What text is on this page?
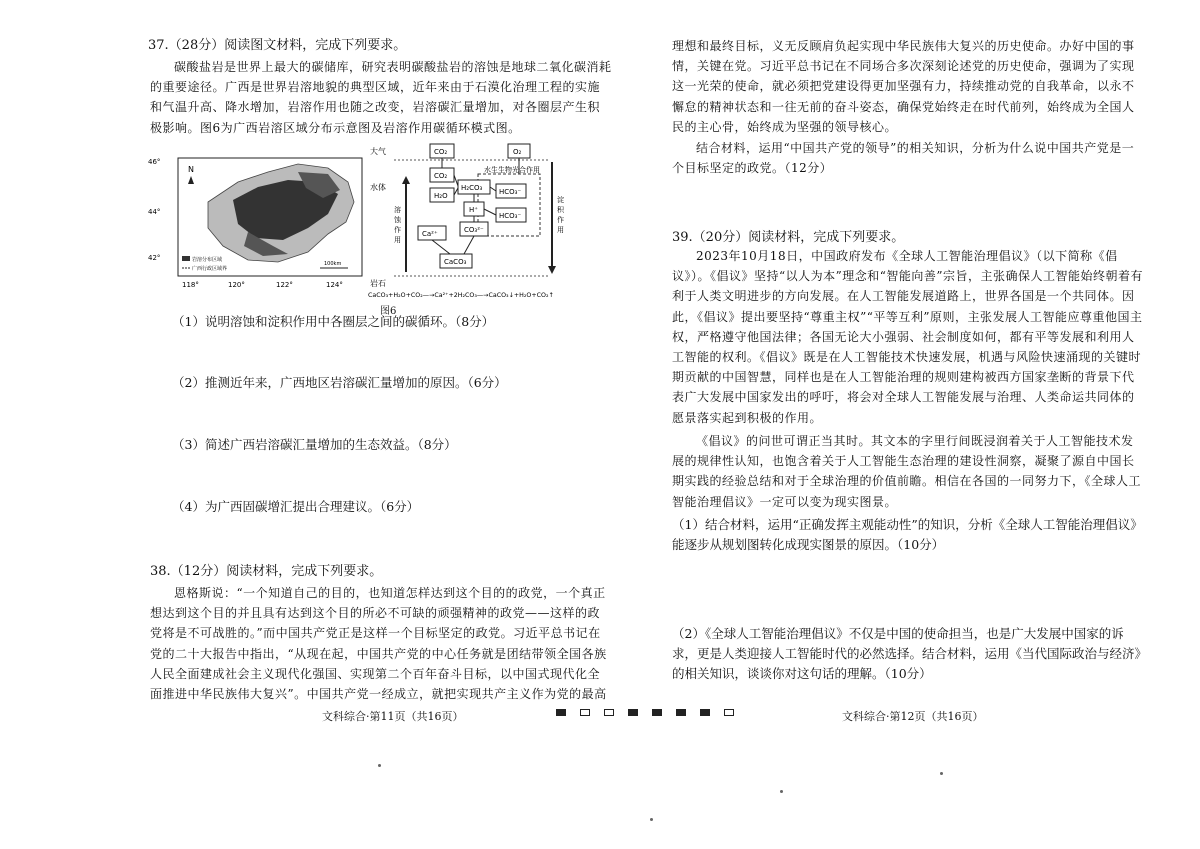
37.（28分）阅读图文材料，完成下列要求。

碳酸盐岩是世界上最大的碳储库，研究表明碳酸盐岩的溶蚀是地球二氧化碳消耗的重要途径。广西是世界岩溶地貌的典型区域，近年来由于石漠化治理工程的实施和气温升高、降水增加，岩溶作用也随之改变，岩溶碳汇量增加，对各圈层产生积极影响。图6为广西岩溶区域分布示意图及岩溶作用碳循环模式图。

N
46°
44°
42°
118°	120°	122°	124°
岩溶分布区域
广西行政区域界
100km
大气
水体
岩石
CO₂	O₂
水生生物光合作用
CO₂
H₂O
H₂CO₃ HCO₃⁻
H⁺
HCO₃⁻
CO₃²⁻
Ca²⁺
CaCO₃
溶
蚀
作
用
淀
积
作
用
CaCO₃+H₂O+CO₂—→Ca²⁺+2H₂CO₃—→CaCO₃↓+H₂O+CO₂↑
图6

（1）说明溶蚀和淀积作用中各圈层之间的碳循环。（8分）

（2）推测近年来，广西地区岩溶碳汇量增加的原因。（6分）

（3）简述广西岩溶碳汇量增加的生态效益。（8分）

（4）为广西固碳增汇提出合理建议。（6分）

38.（12分）阅读材料，完成下列要求。

恩格斯说：“一个知道自己的目的，也知道怎样达到这个目的的政党，一个真正想达到这个目的并且具有达到这个目的所必不可缺的顽强精神的政党——这样的政党将是不可战胜的。”而中国共产党正是这样一个目标坚定的政党。习近平总书记在党的二十大报告中指出，“从现在起，中国共产党的中心任务就是团结带领全国各族人民全面建成社会主义现代化强国、实现第二个百年奋斗目标，以中国式现代化全面推进中华民族伟大复兴”。中国共产党一经成立，就把实现共产主义作为党的最高

文科综合·第11页（共16页）

理想和最终目标，义无反顾肩负起实现中华民族伟大复兴的历史使命。办好中国的事情，关键在党。习近平总书记在不同场合多次深刻论述党的历史使命，强调为了实现这一光荣的使命，就必须把党建设得更加坚强有力，持续推动党的自我革命，以永不懈怠的精神状态和一往无前的奋斗姿态，确保党始终走在时代前列，始终成为全国人民的主心骨，始终成为坚强的领导核心。

结合材料，运用“中国共产党的领导”的相关知识，分析为什么说中国共产党是一个目标坚定的政党。（12分）

39.（20分）阅读材料，完成下列要求。

2023年10月18日，中国政府发布《全球人工智能治理倡议》（以下简称《倡议》）。《倡议》坚持“以人为本”理念和“智能向善”宗旨，主张确保人工智能始终朝着有利于人类文明进步的方向发展。在人工智能发展道路上，世界各国是一个共同体。因此，《倡议》提出要坚持“尊重主权”“平等互利”原则，主张发展人工智能应尊重他国主权，严格遵守他国法律；各国无论大小强弱、社会制度如何，都有平等发展和利用人工智能的权利。《倡议》既是在人工智能技术快速发展，机遇与风险快速涌现的关键时期贡献的中国智慧，同样也是在人工智能治理的规则建构被西方国家垄断的背景下代表广大发展中国家发出的呼吁，将会对全球人工智能发展与治理、人类命运共同体的愿景落实起到积极的作用。

《倡议》的问世可谓正当其时。其文本的字里行间既浸润着关于人工智能技术发展的规律性认知，也饱含着关于人工智能生态治理的建设性洞察，凝聚了源自中国长期实践的经验总结和对于全球治理的价值前瞻。相信在各国的一同努力下，《全球人工智能治理倡议》一定可以变为现实图景。

（1）结合材料，运用“正确发挥主观能动性”的知识，分析《全球人工智能治理倡议》能逐步从规划图转化成现实图景的原因。（10分）

（2）《全球人工智能治理倡议》不仅是中国的使命担当，也是广大发展中国家的诉求，更是人类迎接人工智能时代的必然选择。结合材料，运用《当代国际政治与经济》的相关知识，谈谈你对这句话的理解。（10分）

文科综合·第12页（共16页）
